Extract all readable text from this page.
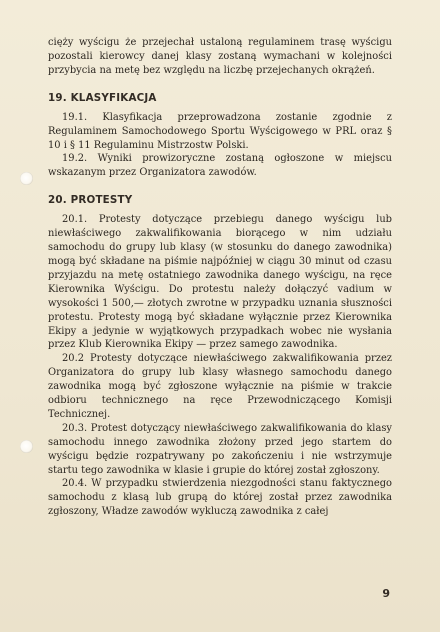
cięży wyścigu że przejechał ustaloną regulaminem trasę wyścigu pozostali kierowcy danej klasy zostaną wymachani w kolejności przybycia na metę bez względu na liczbę przejechanych okrążeń.

19. KLASYFIKACJA

19.1. Klasyfikacja przeprowadzona zostanie zgodnie z Regulaminem Samochodowego Sportu Wyścigowego w PRL oraz § 10 i § 11 Regulaminu Mistrzostw Polski.

19.2. Wyniki prowizoryczne zostaną ogłoszone w miejscu wskazanym przez Organizatora zawodów.

20. PROTESTY

20.1. Protesty dotyczące przebiegu danego wyścigu lub niewłaściwego zakwalifikowania biorącego w nim udziału samochodu do grupy lub klasy (w stosunku do danego zawodnika) mogą być składane na piśmie najpóźniej w ciągu 30 minut od czasu przyjazdu na metę ostatniego zawodnika danego wyścigu, na ręce Kierownika Wyścigu. Do protestu należy dołączyć vadium w wysokości 1 500,— złotych zwrotne w przypadku uznania słuszności protestu. Protesty mogą być składane wyłącznie przez Kierownika Ekipy a jedynie w wyjątkowych przypadkach wobec nie wysłania przez Klub Kierownika Ekipy — przez samego zawodnika.

20.2 Protesty dotyczące niewłaściwego zakwalifikowania przez Organizatora do grupy lub klasy własnego samochodu danego zawodnika mogą być zgłoszone wyłącznie na piśmie w trakcie odbioru technicznego na ręce Przewodniczącego Komisji Technicznej.

20.3. Protest dotyczący niewłaściwego zakwalifikowania do klasy samochodu innego zawodnika złożony przed jego startem do wyścigu będzie rozpatrywany po zakończeniu i nie wstrzymuje startu tego zawodnika w klasie i grupie do której został zgłoszony.

20.4. W przypadku stwierdzenia niezgodności stanu faktycznego samochodu z klasą lub grupą do której został przez zawodnika zgłoszony, Władze zawodów wykluczą zawodnika z całej

9
